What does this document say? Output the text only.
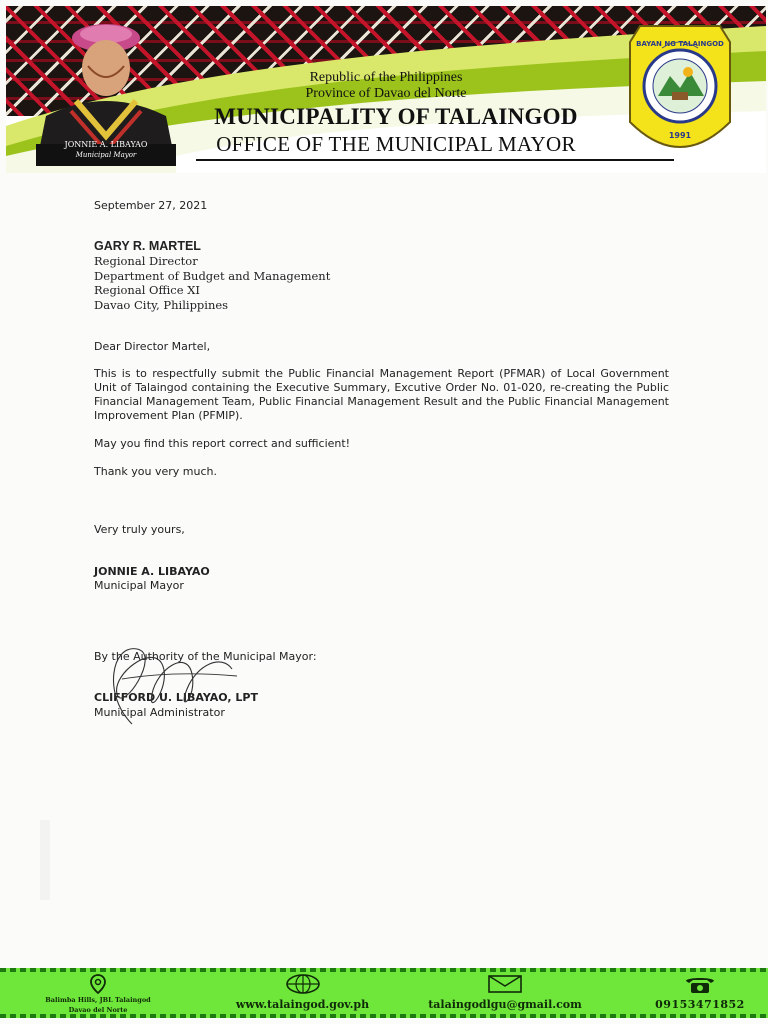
JONNIE A. LIBAYAO
Municipal Mayor
Republic of the Philippines
Province of Davao del Norte
MUNICIPALITY OF TALAINGOD
OFFICE OF THE MUNICIPAL MAYOR
BAYAN NG TALAINGOD
1991

September 27, 2021

GARY R. MARTEL

Regional Director
Department of Budget and Management
Regional Office XI
Davao City, Philippines

Dear Director Martel,

This is to respectfully submit the Public Financial Management Report (PFMAR) of Local Government Unit of Talaingod containing the Executive Summary, Excutive Order No. 01-020, re-creating the Public Financial Management Team, Public Financial Management Result and the Public Financial Management Improvement Plan (PFMIP).

May you find this report correct and sufficient!

Thank you very much.

Very truly yours,

JONNIE A. LIBAYAO

Municipal Mayor

By the Authority of the Municipal Mayor:

CLIFFORD U. LIBAYAO, LPT

Municipal Administrator

Balimba Hills, JBL Talaingod
Davao del Norte	www.talaingod.gov.ph	talaingodlgu@gmail.com	09153471852
